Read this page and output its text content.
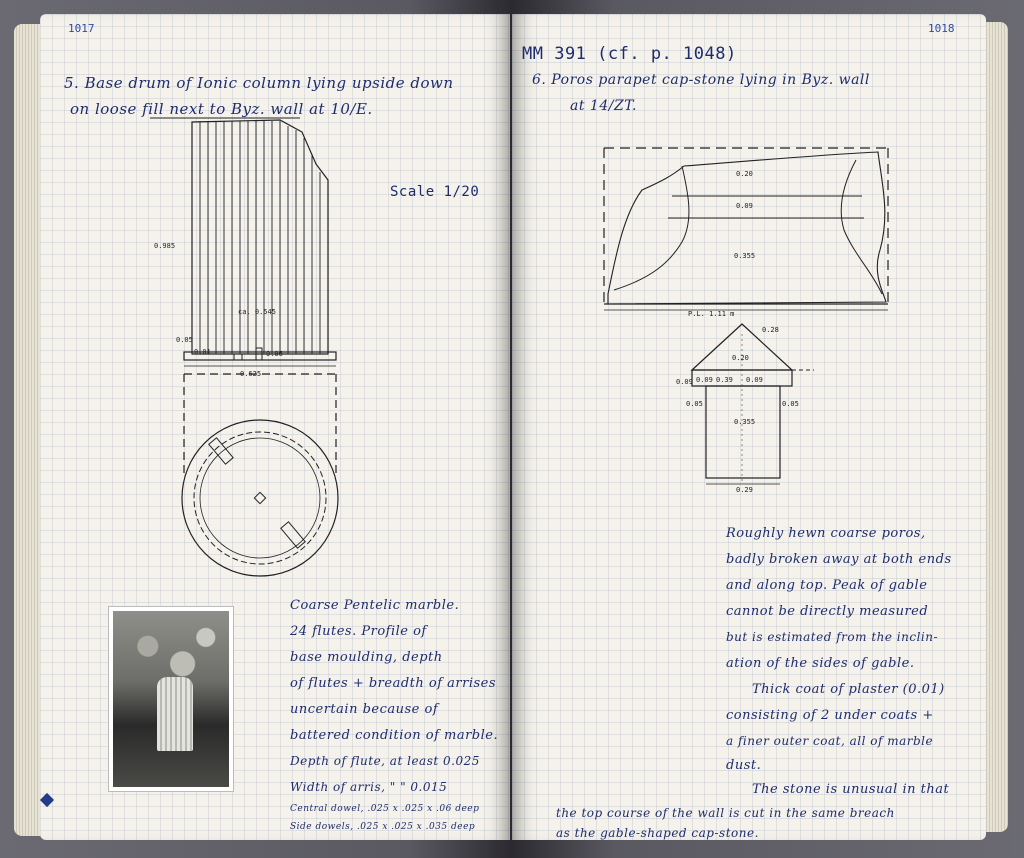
1017
5. Base drum of Ionic column lying upside down
on loose fill next to Byz. wall at 10/E.
Scale 1/20
0.985
ca. 0.545
0.625
0.05
0.01	0.06
Coarse Pentelic marble.
24 flutes. Profile of
base moulding, depth
of flutes + breadth of arrises
uncertain because of
battered condition of marble.
Depth of flute, at least 0.025
Width of arris, " " 0.015
Central dowel, .025 x .025 x .06 deep
Side dowels, .025 x .025 x .035 deep
1018
MM 391 (cf. p. 1048)
6. Poros parapet cap-stone lying in Byz. wall
at 14/ZT.
0.20
0.09
0.355
P.L. 1.11 m
0.28
0.20
0.09 0.39 0.09
0.09
0.05	0.05
0.355
0.29
Roughly hewn coarse poros,
badly broken away at both ends
and along top. Peak of gable
cannot be directly measured
but is estimated from the inclin-
ation of the sides of gable.
Thick coat of plaster (0.01)
consisting of 2 under coats +
a finer outer coat, all of marble
dust.
The stone is unusual in that
the top course of the wall is cut in the same breach
as the gable-shaped cap-stone.
